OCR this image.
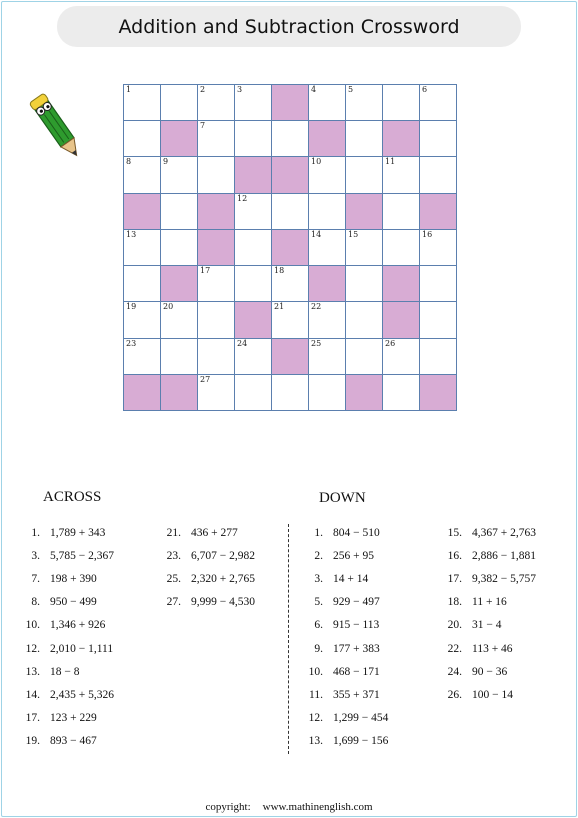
Addition and Subtraction Crossword
1		2	3		4	5		6

		7						

8	9				10		11	

			12					

13					14	15		16

		17		18				

19	20			21	22			

23			24		25		26	

		27						

ACROSS	DOWN
1. 1,789 + 343
3. 5,785 − 2,367
7. 198 + 390
8. 950 − 499
10. 1,346 + 926
12. 2,010 − 1,111
13. 18 − 8
14. 2,435 + 5,326
17. 123 + 229
19. 893 − 467
21. 436 + 277
23. 6,707 − 2,982
25. 2,320 + 2,765
27. 9,999 − 4,530
1. 804 − 510
2. 256 + 95
3. 14 + 14
5. 929 − 497
6. 915 − 113
9. 177 + 383
10. 468 − 171
11. 355 + 371
12. 1,299 − 454
13. 1,699 − 156
15. 4,367 + 2,763
16. 2,886 − 1,881
17. 9,382 − 5,757
18. 11 + 16
20. 31 − 4
22. 113 + 46
24. 90 − 36
26. 100 − 14
copyright: www.mathinenglish.com
